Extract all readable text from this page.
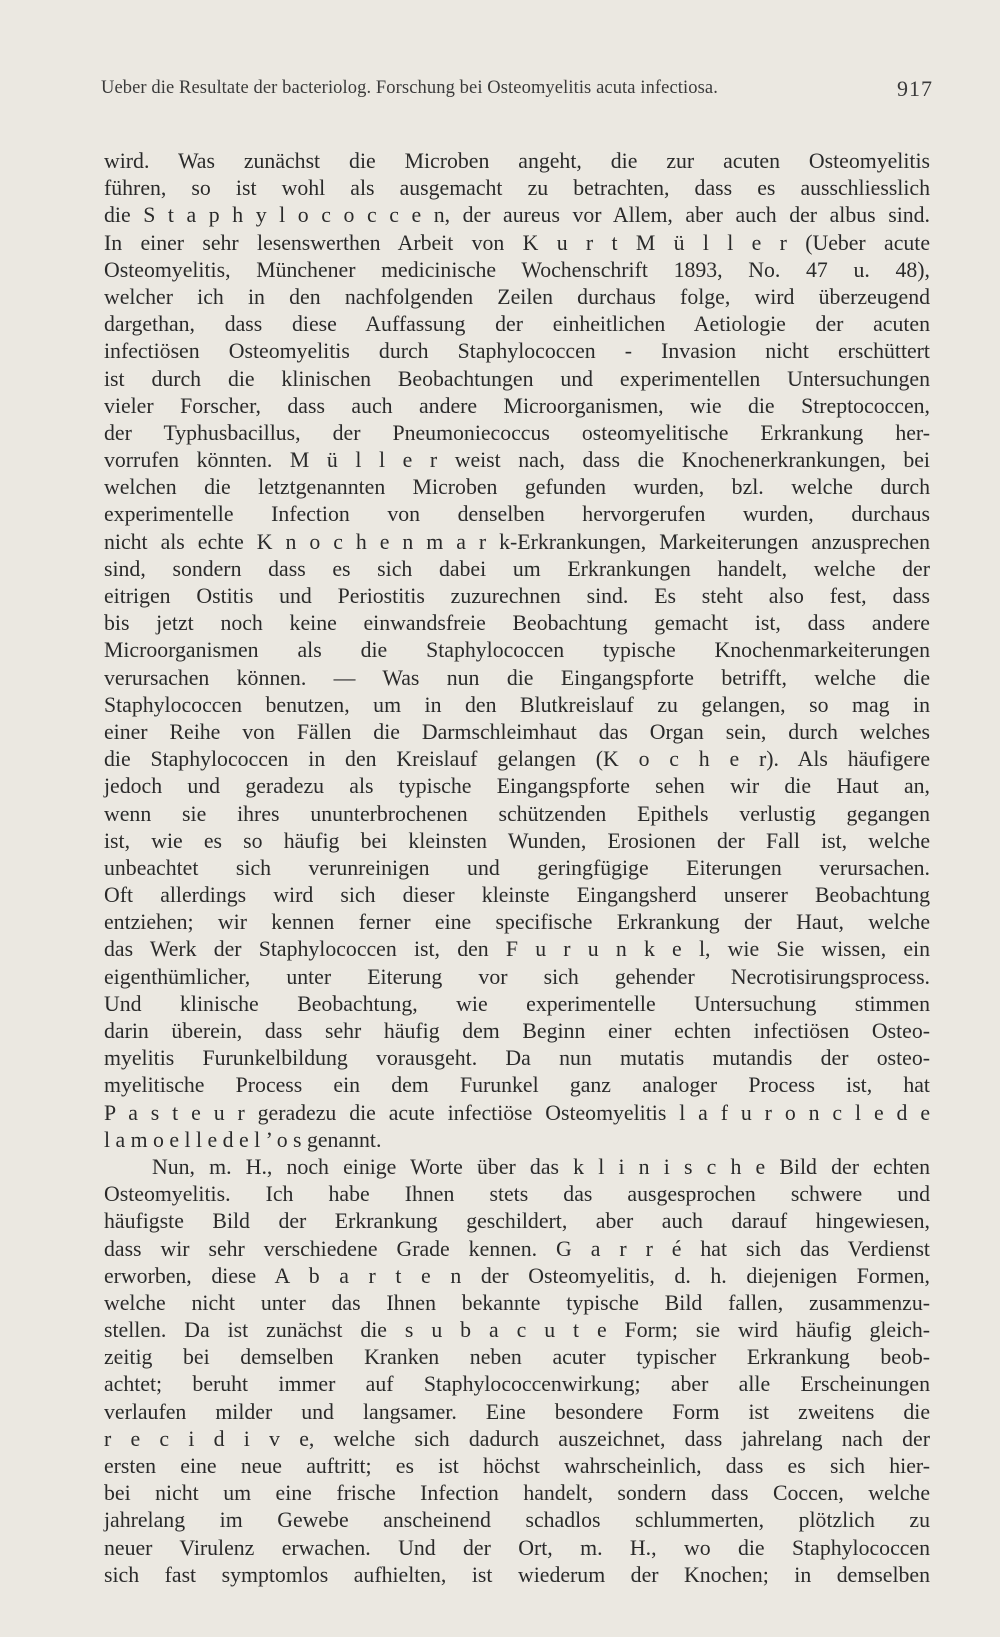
Ueber die Resultate der bacteriolog. Forschung bei Osteomyelitis acuta infectiosa.	917
wird. Was zunächst die Microben angeht, die zur acuten Osteomyelitis
führen, so ist wohl als ausgemacht zu betrachten, dass es ausschliesslich
die S t a p h y l o c o c c e n, der aureus vor Allem, aber auch der albus sind.
In einer sehr lesenswerthen Arbeit von K u r t M ü l l e r (Ueber acute
Osteomyelitis, Münchener medicinische Wochenschrift 1893, No. 47 u. 48),
welcher ich in den nachfolgenden Zeilen durchaus folge, wird überzeugend
dargethan, dass diese Auffassung der einheitlichen Aetiologie der acuten
infectiösen Osteomyelitis durch Staphylococcen - Invasion nicht erschüttert
ist durch die klinischen Beobachtungen und experimentellen Untersuchungen
vieler Forscher, dass auch andere Microorganismen, wie die Streptococcen,
der Typhusbacillus, der Pneumoniecoccus osteomyelitische Erkrankung her-
vorrufen könnten. M ü l l e r weist nach, dass die Knochenerkrankungen, bei
welchen die letztgenannten Microben gefunden wurden, bzl. welche durch
experimentelle Infection von denselben hervorgerufen wurden, durchaus
nicht als echte K n o c h e n m a r k-Erkrankungen, Markeiterungen anzusprechen
sind, sondern dass es sich dabei um Erkrankungen handelt, welche der
eitrigen Ostitis und Periostitis zuzurechnen sind. Es steht also fest, dass
bis jetzt noch keine einwandsfreie Beobachtung gemacht ist, dass andere
Microorganismen als die Staphylococcen typische Knochenmarkeiterungen
verursachen können. — Was nun die Eingangspforte betrifft, welche die
Staphylococcen benutzen, um in den Blutkreislauf zu gelangen, so mag in
einer Reihe von Fällen die Darmschleimhaut das Organ sein, durch welches
die Staphylococcen in den Kreislauf gelangen (K o c h e r). Als häufigere
jedoch und geradezu als typische Eingangspforte sehen wir die Haut an,
wenn sie ihres ununterbrochenen schützenden Epithels verlustig gegangen
ist, wie es so häufig bei kleinsten Wunden, Erosionen der Fall ist, welche
unbeachtet sich verunreinigen und geringfügige Eiterungen verursachen.
Oft allerdings wird sich dieser kleinste Eingangsherd unserer Beobachtung
entziehen; wir kennen ferner eine specifische Erkrankung der Haut, welche
das Werk der Staphylococcen ist, den F u r u n k e l, wie Sie wissen, ein
eigenthümlicher, unter Eiterung vor sich gehender Necrotisirungsprocess.
Und klinische Beobachtung, wie experimentelle Untersuchung stimmen
darin überein, dass sehr häufig dem Beginn einer echten infectiösen Osteo-
myelitis Furunkelbildung vorausgeht. Da nun mutatis mutandis der osteo-
myelitische Process ein dem Furunkel ganz analoger Process ist, hat
P a s t e u r geradezu die acute infectiöse Osteomyelitis l a f u r o n c l e d e
l a m o e l l e d e l ’ o s genannt.
Nun, m. H., noch einige Worte über das k l i n i s c h e Bild der echten
Osteomyelitis. Ich habe Ihnen stets das ausgesprochen schwere und
häufigste Bild der Erkrankung geschildert, aber auch darauf hingewiesen,
dass wir sehr verschiedene Grade kennen. G a r r é hat sich das Verdienst
erworben, diese A b a r t e n der Osteomyelitis, d. h. diejenigen Formen,
welche nicht unter das Ihnen bekannte typische Bild fallen, zusammenzu-
stellen. Da ist zunächst die s u b a c u t e Form; sie wird häufig gleich-
zeitig bei demselben Kranken neben acuter typischer Erkrankung beob-
achtet; beruht immer auf Staphylococcenwirkung; aber alle Erscheinungen
verlaufen milder und langsamer. Eine besondere Form ist zweitens die
r e c i d i v e, welche sich dadurch auszeichnet, dass jahrelang nach der
ersten eine neue auftritt; es ist höchst wahrscheinlich, dass es sich hier-
bei nicht um eine frische Infection handelt, sondern dass Coccen, welche
jahrelang im Gewebe anscheinend schadlos schlummerten, plötzlich zu
neuer Virulenz erwachen. Und der Ort, m. H., wo die Staphylococcen
sich fast symptomlos aufhielten, ist wiederum der Knochen; in demselben
